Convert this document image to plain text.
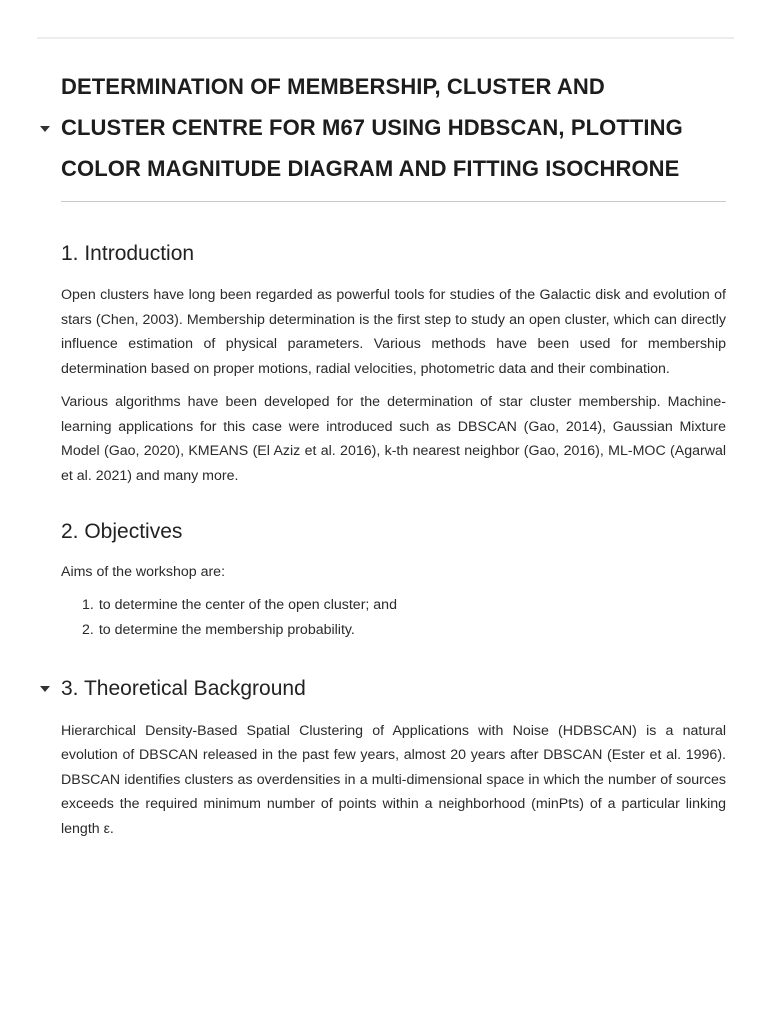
DETERMINATION OF MEMBERSHIP, CLUSTER AND
CLUSTER CENTRE FOR M67 USING HDBSCAN, PLOTTING
COLOR MAGNITUDE DIAGRAM AND FITTING ISOCHRONE
1. Introduction

Open clusters have long been regarded as powerful tools for studies of the Galactic disk and evolution of stars (Chen, 2003). Membership determination is the first step to study an open cluster, which can directly influence estimation of physical parameters. Various methods have been used for membership determination based on proper motions, radial velocities, photometric data and their combination.

Various algorithms have been developed for the determination of star cluster membership. Machine-learning applications for this case were introduced such as DBSCAN (Gao, 2014), Gaussian Mixture Model (Gao, 2020), KMEANS (El Aziz et al. 2016), k-th nearest neighbor (Gao, 2016), ML-MOC (Agarwal et al. 2021) and many more.

2. Objectives

Aims of the workshop are:

1. to determine the center of the open cluster; and
2. to determine the membership probability.
3. Theoretical Background

Hierarchical Density-Based Spatial Clustering of Applications with Noise (HDBSCAN) is a natural evolution of DBSCAN released in the past few years, almost 20 years after DBSCAN (Ester et al. 1996). DBSCAN identifies clusters as overdensities in a multi-dimensional space in which the number of sources exceeds the required minimum number of points within a neighborhood (minPts) of a particular linking length ε.
